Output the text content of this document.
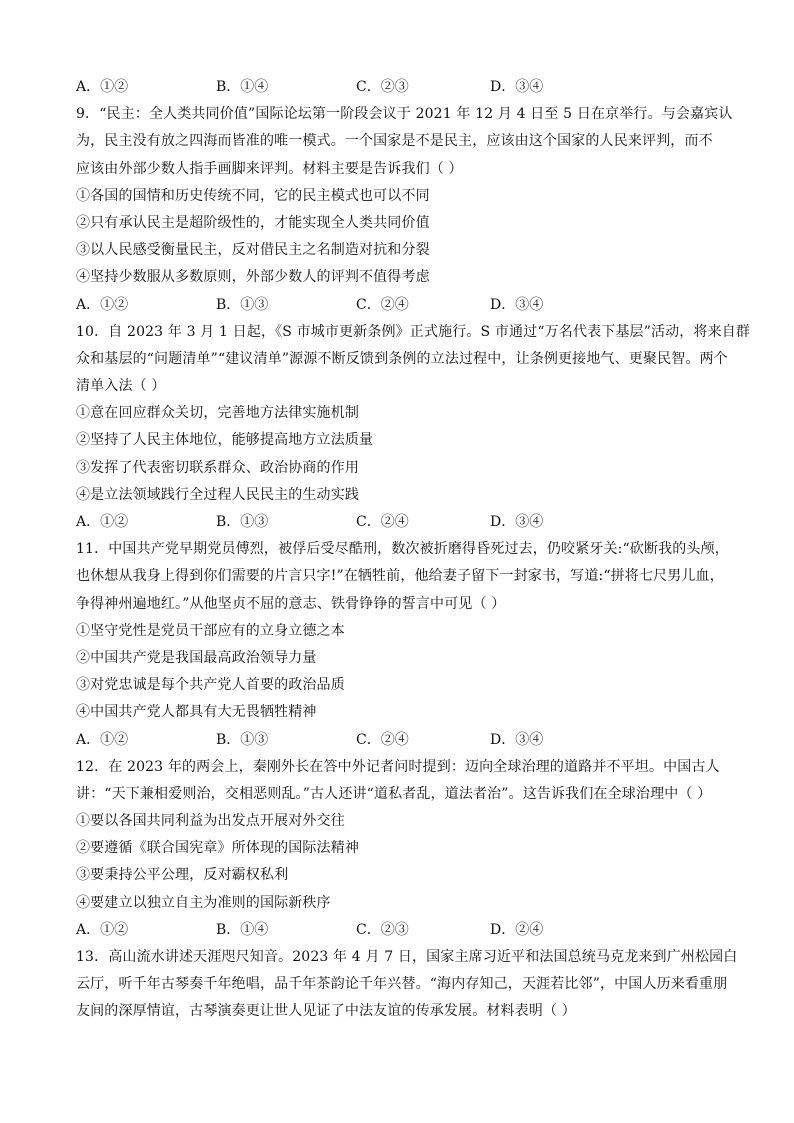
A．①②	B．①④	C．②③	D．③④
9．“民主：全人类共同价值”国际论坛第一阶段会议于 2021 年 12 月 4 日至 5 日在京举行。与会嘉宾认
为，民主没有放之四海而皆准的唯一模式。一个国家是不是民主，应该由这个国家的人民来评判，而不
应该由外部少数人指手画脚来评判。材料主要是告诉我们（ ）
①各国的国情和历史传统不同，它的民主模式也可以不同
②只有承认民主是超阶级性的，才能实现全人类共同价值
③以人民感受衡量民主，反对借民主之名制造对抗和分裂
④坚持少数服从多数原则，外部少数人的评判不值得考虑
A．①②	B．①③	C．②④	D．③④
10．自 2023 年 3 月 1 日起，《S 市城市更新条例》正式施行。S 市通过“万名代表下基层”活动，将来自群
众和基层的“问题清单”“建议清单”源源不断反馈到条例的立法过程中，让条例更接地气、更聚民智。两个
清单入法（ ）
①意在回应群众关切，完善地方法律实施机制
②坚持了人民主体地位，能够提高地方立法质量
③发挥了代表密切联系群众、政治协商的作用
④是立法领域践行全过程人民民主的生动实践
A．①②	B．①③	C．②④	D．③④
11．中国共产党早期党员傅烈，被俘后受尽酷刑，数次被折磨得昏死过去，仍咬紧牙关:“砍断我的头颅，
也休想从我身上得到你们需要的片言只字!”在牺牲前，他给妻子留下一封家书，写道:“拼将七尺男儿血，
争得神州遍地红。”从他坚贞不屈的意志、铁骨铮铮的誓言中可见（ ）
①坚守党性是党员干部应有的立身立德之本
②中国共产党是我国最高政治领导力量
③对党忠诚是每个共产党人首要的政治品质
④中国共产党人都具有大无畏牺牲精神
A．①②	B．①③	C．②④	D．③④
12．在 2023 年的两会上，秦刚外长在答中外记者问时提到：迈向全球治理的道路并不平坦。中国古人
讲：“天下兼相爱则治，交相恶则乱。”古人还讲“道私者乱，道法者治”。这告诉我们在全球治理中（ ）
①要以各国共同利益为出发点开展对外交往
②要遵循《联合国宪章》所体现的国际法精神
③要秉持公平公理，反对霸权私利
④要建立以独立自主为准则的国际新秩序
A．①②	B．①④	C．②③	D．②④
13．高山流水讲述天涯咫尺知音。2023 年 4 月 7 日，国家主席习近平和法国总统马克龙来到广州松园白
云厅，听千年古琴奏千年绝唱，品千年茶韵论千年兴替。“海内存知己，天涯若比邻”，中国人历来看重朋
友间的深厚情谊，古琴演奏更让世人见证了中法友谊的传承发展。材料表明（ ）
